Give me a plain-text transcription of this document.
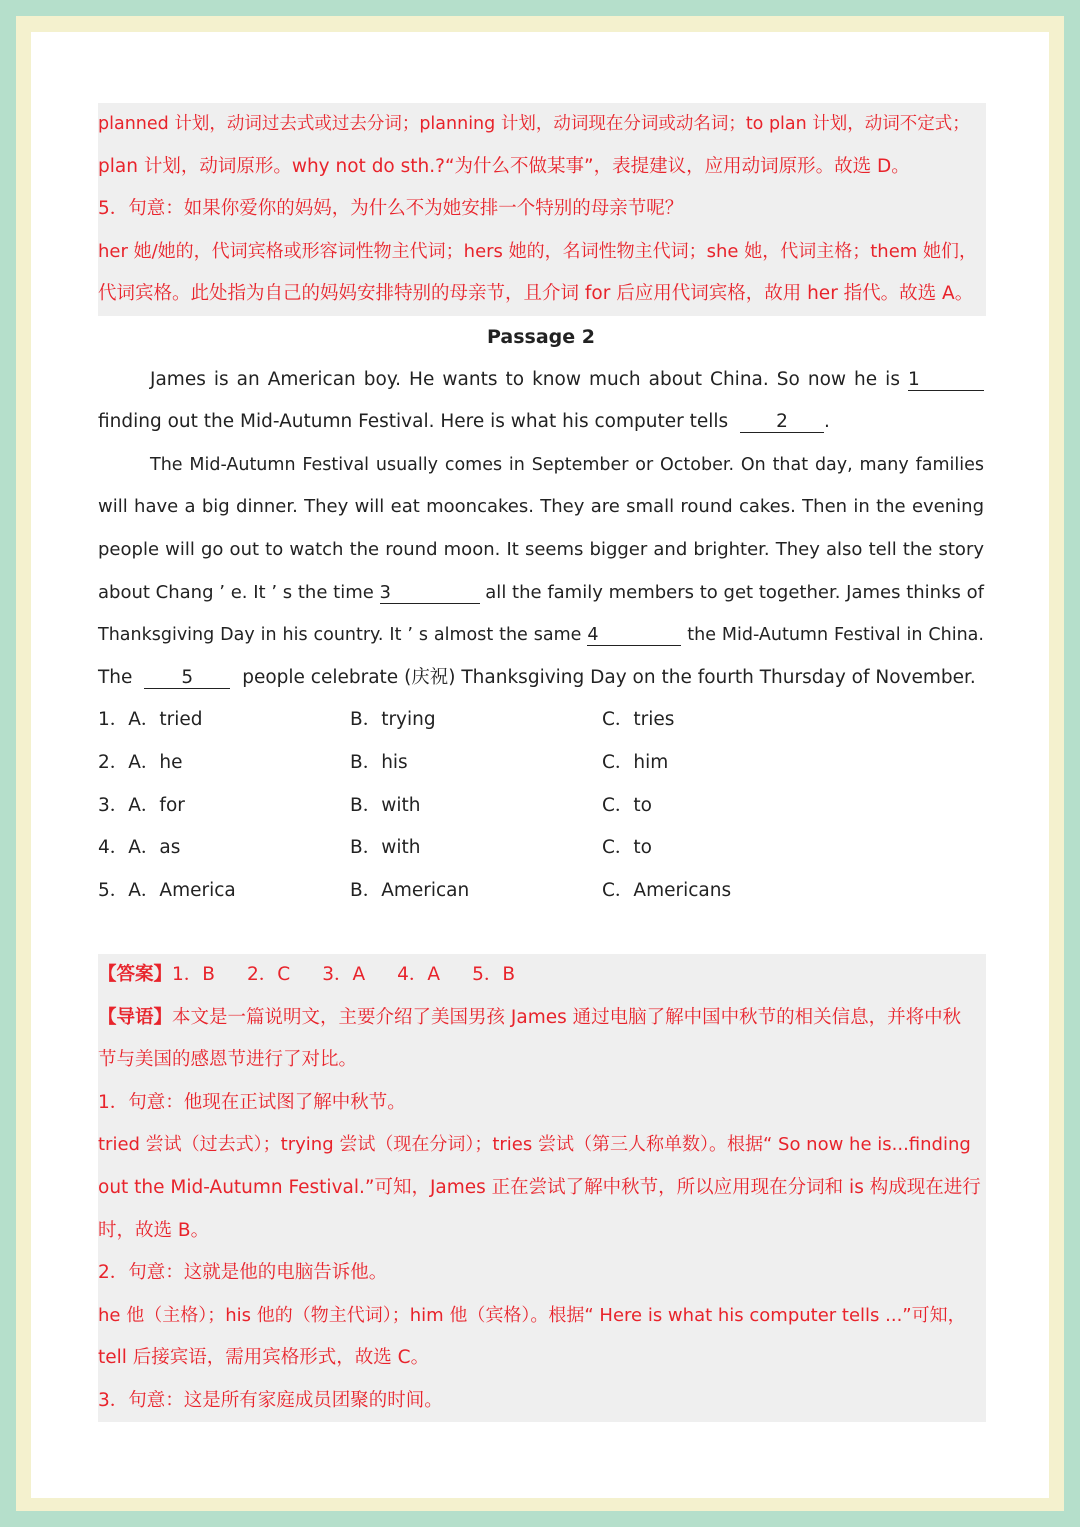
planned 计划，动词过去式或过去分词；planning 计划，动词现在分词或动名词；to plan 计划，动词不定式；
plan 计划，动词原形。why not do sth.?“为什么不做某事”，表提建议，应用动词原形。故选 D。
5．句意：如果你爱你的妈妈，为什么不为她安排一个特别的母亲节呢？
her 她/她的，代词宾格或形容词性物主代词；hers 她的，名词性物主代词；she 她，代词主格；them 她们，
代词宾格。此处指为自己的妈妈安排特别的母亲节，且介词 for 后应用代词宾格，故用 her 指代。故选 A。
Passage 2
James is an American boy. He wants to know much about China. So now he is 1
finding out the Mid-Autumn Festival. Here is what his computer tells	2 .
The Mid-Autumn Festival usually comes in September or October. On that day, many families
will have a big dinner. They will eat mooncakes. They are small round cakes. Then in the evening
people will go out to watch the round moon. It seems bigger and brighter. They also tell the story
about Chang ’ e. It ’ s the time 3	all the family members to get together. James thinks of
Thanksgiving Day in his country. It ’ s almost the same 4	the Mid-Autumn Festival in China.
The	5	people celebrate (庆祝) Thanksgiving Day on the fourth Thursday of November.
1．A．tried	B．trying	C．tries
2．A．he	B．his	C．him
3．A．for	B．with	C．to
4．A．as	B．with	C．to
5．A．America	B．American	C．Americans
【答案】1．B 2．C 3．A 4．A 5．B
【导语】本文是一篇说明文，主要介绍了美国男孩 James 通过电脑了解中国中秋节的相关信息，并将中秋
节与美国的感恩节进行了对比。
1．句意：他现在正试图了解中秋节。
tried 尝试（过去式）；trying 尝试（现在分词）；tries 尝试（第三人称单数）。根据“ So now he is...finding
out the Mid-Autumn Festival.”可知，James 正在尝试了解中秋节，所以应用现在分词和 is 构成现在进行
时，故选 B。
2．句意：这就是他的电脑告诉他。
he 他（主格）；his 他的（物主代词）；him 他（宾格）。根据“ Here is what his computer tells ...”可知，
tell 后接宾语，需用宾格形式，故选 C。
3．句意：这是所有家庭成员团聚的时间。
